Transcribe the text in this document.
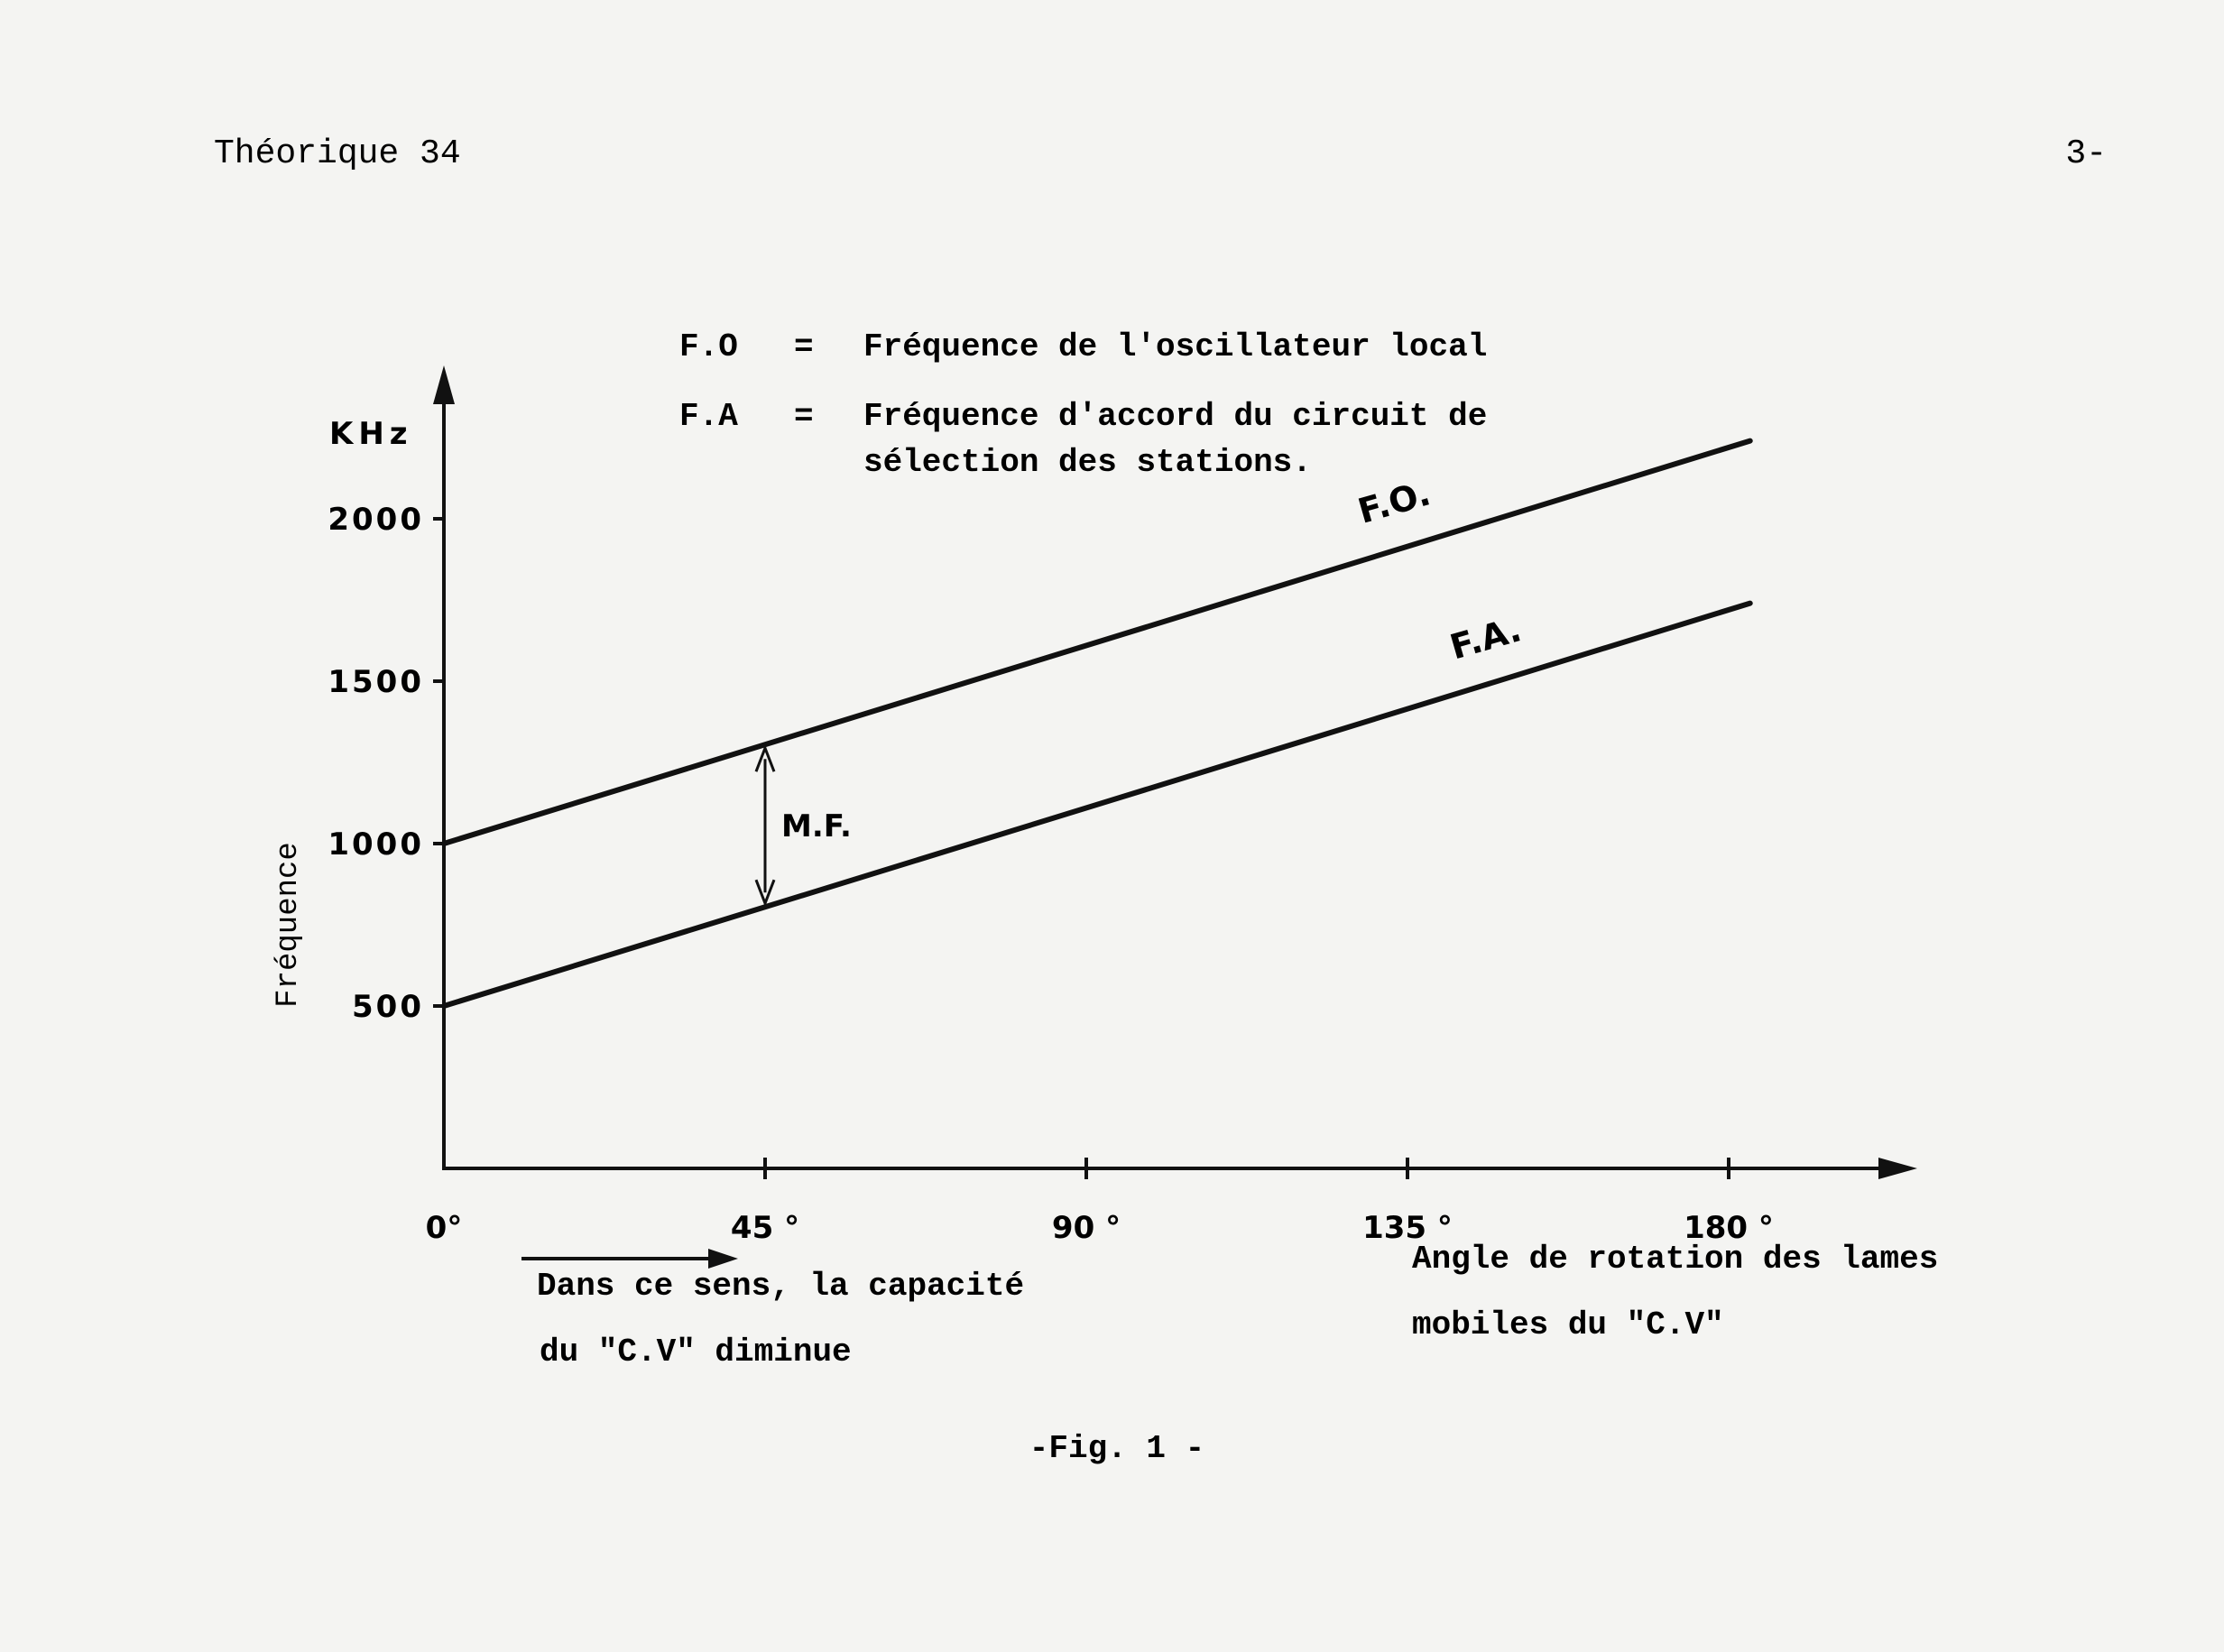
Théorique 34	3-
F.O = Fréquence de l'oscillateur local
F.A = Fréquence d'accord du circuit de
sélection des stations.
500
1000
1500
2000
0°	45 °	90 °	135 °	180 °
F.O.
F.A.
KHz
Fréquence
M.F.
Angle de rotation des lames
mobiles du "C.V"
Dans ce sens, la capacité
du "C.V" diminue
-Fig. 1 -
